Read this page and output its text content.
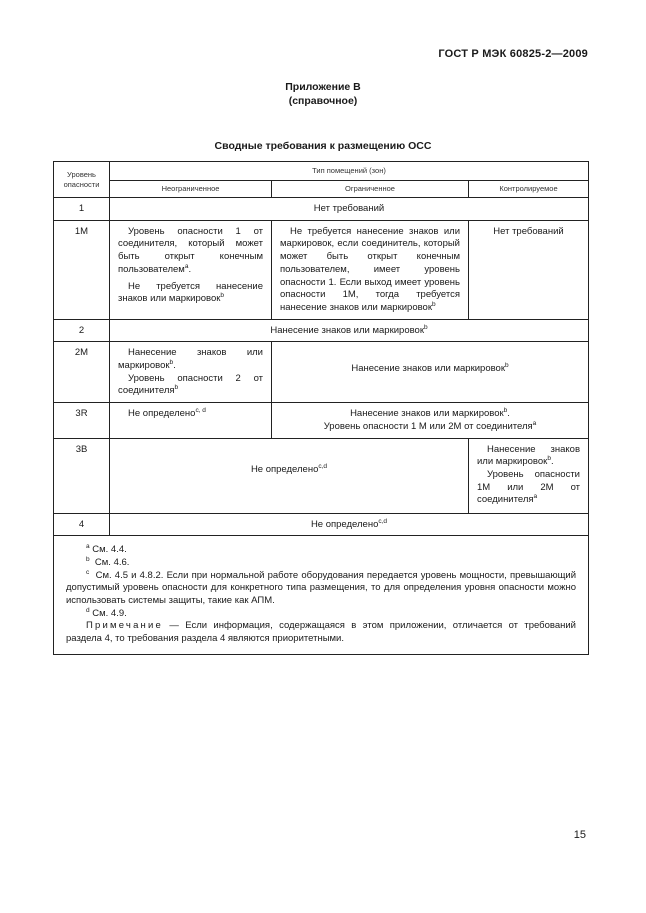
ГОСТ Р МЭК 60825-2—2009
Приложение В
(справочное)
Сводные требования к размещению ОСС
Уровень опасности	Тип помещений (зон)		
	Неограниченное	Ограниченное	Контролируемое
1	Нет требований		
1М	Уровень опасности 1 от соединителя, который может быть открыт конечным пользователем$^a$.

Не требуется нанесение знаков или маркировок$^b$	Не требуется нанесение знаков или маркировок, если соединитель, который может быть открыт конечным пользователем, имеет уровень опасности 1. Если выход имеет уровень опасности 1М, тогда требуется нанесение знаков или маркировок$^b$	Нет требований
2	Нанесение знаков или маркировок$^b$
2М	Нанесение знаков или маркировок$^b$.

Уровень опасности 2 от соединителя$^b$	Нанесение знаков или маркировок$^b$
3R	Не определено$^{c, d}$	Нанесение знаков или маркировок$^b$.

Уровень опасности 1 М или 2М от соединителя$^a$

3В	Не определено$^{c,d}$		Нанесение знаков или маркировок$^b$.

Уровень опасности 1М или 2М от соединителя$^a$

4	Не определено$^{c,d}$

$^a$ См. 4.4.

$^b$ См. 4.6.

$^c$ См. 4.5 и 4.8.2. Если при нормальной работе оборудования передается уровень мощности, превышающий допустимый уровень опасности для конкретного типа размещения, то для определения уровня опасности можно использовать системы защиты, такие как АПМ.

$^d$ См. 4.9.

Примечание — Если информация, содержащаяся в этом приложении, отличается от требований раздела 4, то требования раздела 4 являются приоритетными.			

15
